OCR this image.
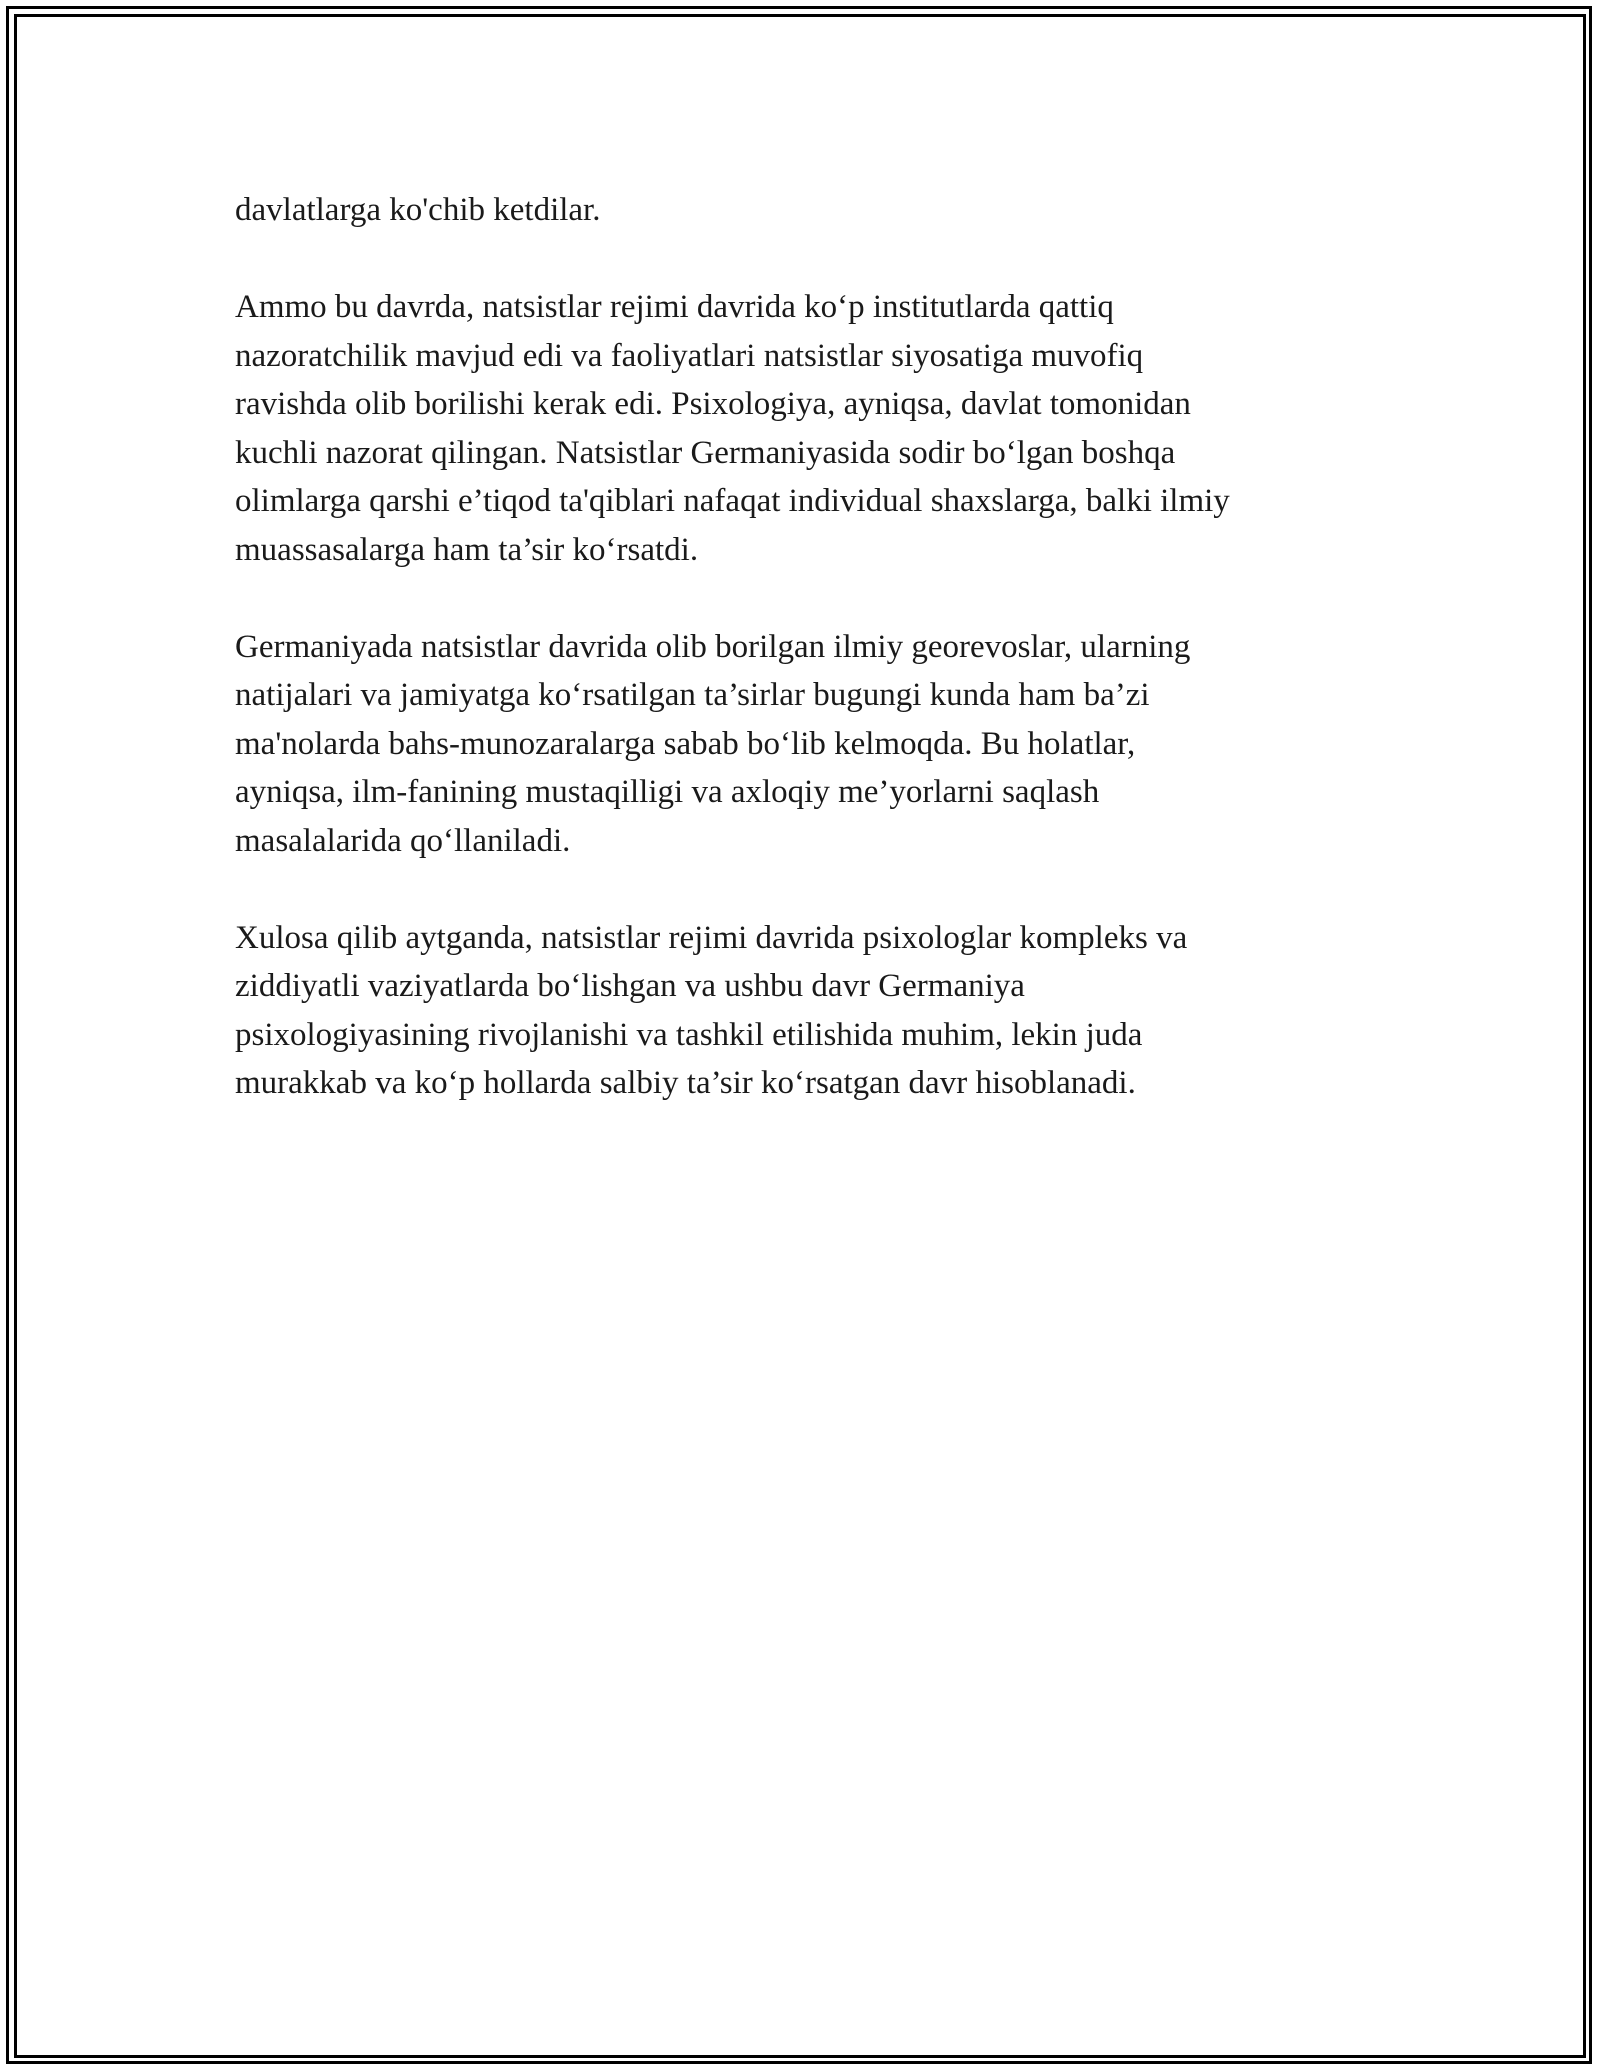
davlatlarga ko'chib ketdilar.

Ammo bu davrda, natsistlar rejimi davrida ko‘p institutlarda qattiq
nazoratchilik mavjud edi va faoliyatlari natsistlar siyosatiga muvofiq
ravishda olib borilishi kerak edi. Psixologiya, ayniqsa, davlat tomonidan
kuchli nazorat qilingan. Natsistlar Germaniyasida sodir bo‘lgan boshqa
olimlarga qarshi e’tiqod ta'qiblari nafaqat individual shaxslarga, balki ilmiy
muassasalarga ham ta’sir ko‘rsatdi.

Germaniyada natsistlar davrida olib borilgan ilmiy georevoslar, ularning
natijalari va jamiyatga ko‘rsatilgan ta’sirlar bugungi kunda ham ba’zi
ma'nolarda bahs-munozaralarga sabab bo‘lib kelmoqda. Bu holatlar,
ayniqsa, ilm-fanining mustaqilligi va axloqiy me’yorlarni saqlash
masalalarida qo‘llaniladi.

Xulosa qilib aytganda, natsistlar rejimi davrida psixologlar kompleks va
ziddiyatli vaziyatlarda bo‘lishgan va ushbu davr Germaniya
psixologiyasining rivojlanishi va tashkil etilishida muhim, lekin juda
murakkab va ko‘p hollarda salbiy ta’sir ko‘rsatgan davr hisoblanadi.
